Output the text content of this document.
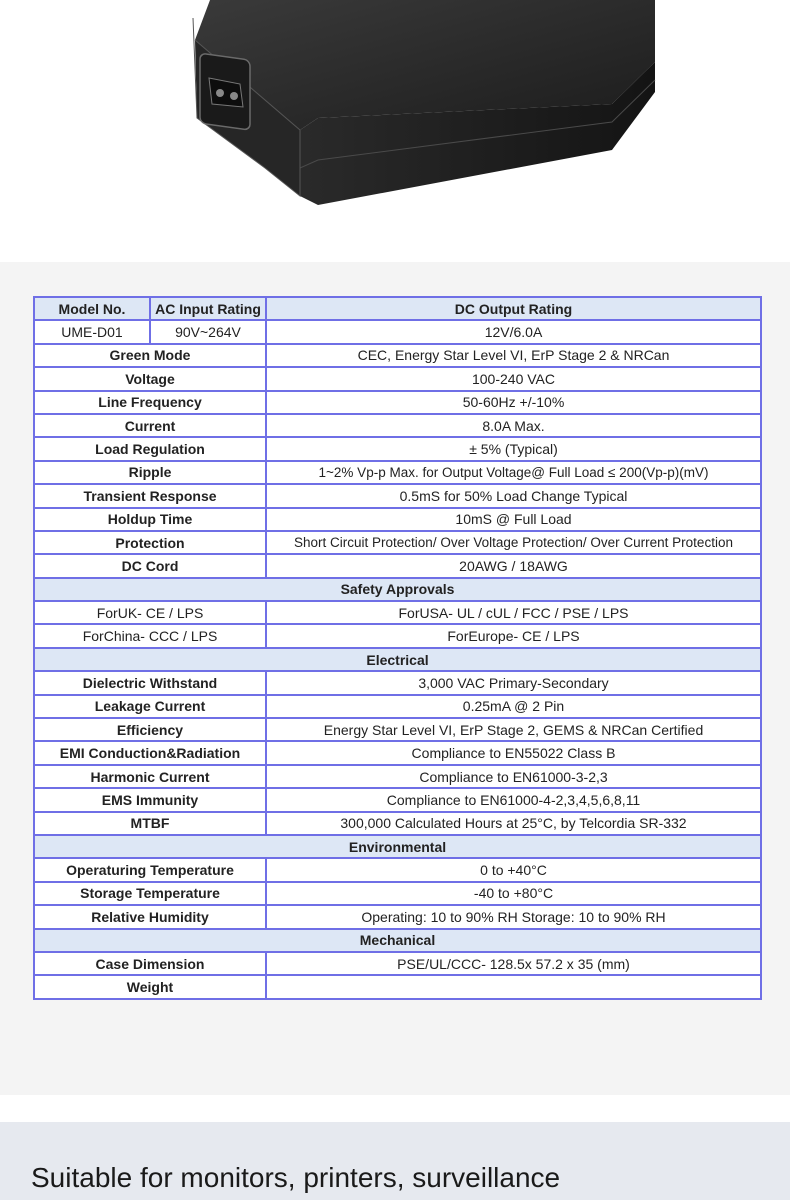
Model No.	AC Input Rating	DC Output Rating
UME-D01	90V~264V	12V/6.0A
Green Mode		CEC, Energy Star Level VI, ErP Stage 2 & NRCan
Voltage		100-240 VAC
Line Frequency		50-60Hz +/-10%
Current		8.0A Max.
Load Regulation		± 5% (Typical)
Ripple		1~2% Vp-p Max. for Output Voltage@ Full Load ≤ 200(Vp-p)(mV)
Transient Response		0.5mS for 50% Load Change Typical
Holdup Time		10mS @ Full Load
Protection		Short Circuit Protection/ Over Voltage Protection/ Over Current Protection
DC Cord		20AWG / 18AWG
Safety Approvals		
ForUK- CE / LPS		ForUSA- UL / cUL / FCC / PSE / LPS
ForChina- CCC / LPS		ForEurope- CE / LPS
Electrical		
Dielectric Withstand		3,000 VAC Primary-Secondary
Leakage Current		0.25mA @ 2 Pin
Efficiency		Energy Star Level VI, ErP Stage 2, GEMS & NRCan Certified
EMI Conduction&Radiation		Compliance to EN55022 Class B
Harmonic Current		Compliance to EN61000-3-2,3
EMS Immunity		Compliance to EN61000-4-2,3,4,5,6,8,11
MTBF		300,000 Calculated Hours at 25°C, by Telcordia SR-332
Environmental		
Operaturing Temperature		0 to +40°C
Storage Temperature		-40 to +80°C
Relative Humidity		Operating: 10 to 90% RH Storage: 10 to 90% RH
Mechanical		
Case Dimension		PSE/UL/CCC- 128.5x 57.2 x 35 (mm)
Weight		
Suitable for monitors, printers, surveillance
